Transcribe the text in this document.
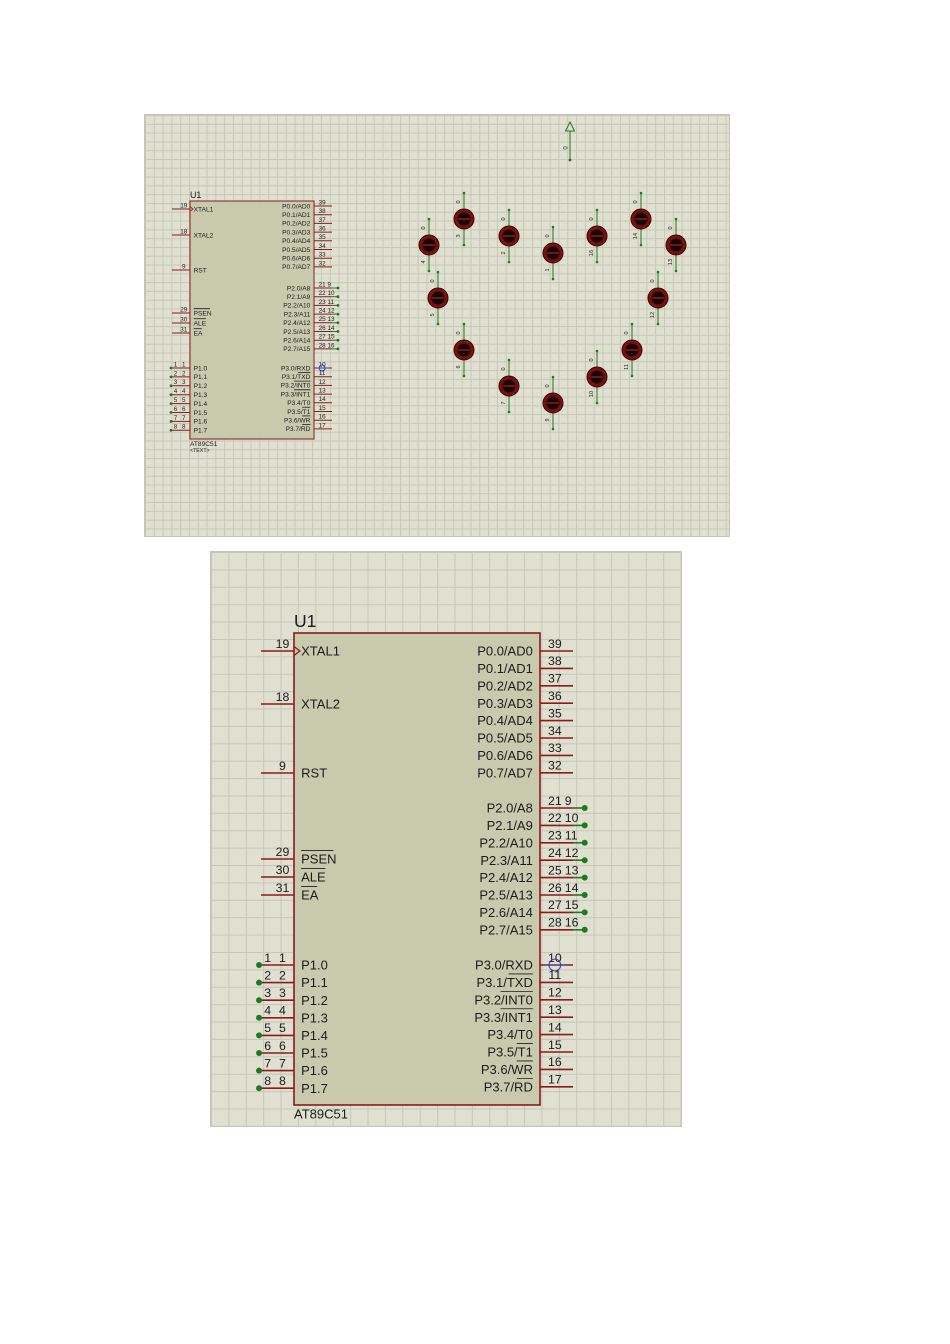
U1
AT89C51
<TEXT>
19
XTAL1
18
XTAL2
9
RST
29
PSEN
30
ALE
31
EA
1
P1.0
1
2
P1.1
2
3
P1.2
3
4
P1.3
4
5
P1.4
5
6
P1.5
6
7
P1.6
7
8
P1.7
8
39
P0.0/AD0
38
P0.1/AD1
37
P0.2/AD2
36
P0.3/AD3
35
P0.4/AD4
34
P0.5/AD5
33
P0.6/AD6
32
P0.7/AD7
21
P2.0/A8
9
22
P2.1/A9
10
23
P2.2/A10
11
24
P2.3/A11
12
25
P2.4/A12
13
26
P2.5/A13
14
27
P2.6/A14
15
28
P2.7/A15
16
10
P3.0/RXD
11
P3.1/TXD
12
P3.2/INT0
13
P3.3/INT1
14
P3.4/T0
15
P3.5/T1
16
P3.6/WR
17
P3.7/RD
0
0
4
0
3
0
2
0
1
0
16
0
14
0
13
0
5
0
12
0
6
0
11
0
7
0
10
0
9
U1
AT89C51
19 XTAL1
18 XTAL2
9 RST
29 PSEN
30 ALE
31 EA
1 P1.0
1
2 P1.1
2
3 P1.2
3
4 P1.3
4
5 P1.4
5
6 P1.5
6
7 P1.6
7
8 P1.7
8
39
P0.0/AD0
38
P0.1/AD1
37
P0.2/AD2
36
P0.3/AD3
35
P0.4/AD4
34
P0.5/AD5
33
P0.6/AD6
32
P0.7/AD7
21
P2.0/A8	9
22
P2.1/A9	10
23
P2.2/A10	11
24
P2.3/A11	12
25
P2.4/A12	13
26
P2.5/A13	14
27
P2.6/A14	15
28
P2.7/A15	16
10
P3.0/RXD
11
P3.1/TXD
12
P3.2/INT0
13
P3.3/INT1
14
P3.4/T0
15
P3.5/T1
16
P3.6/WR
17
P3.7/RD
